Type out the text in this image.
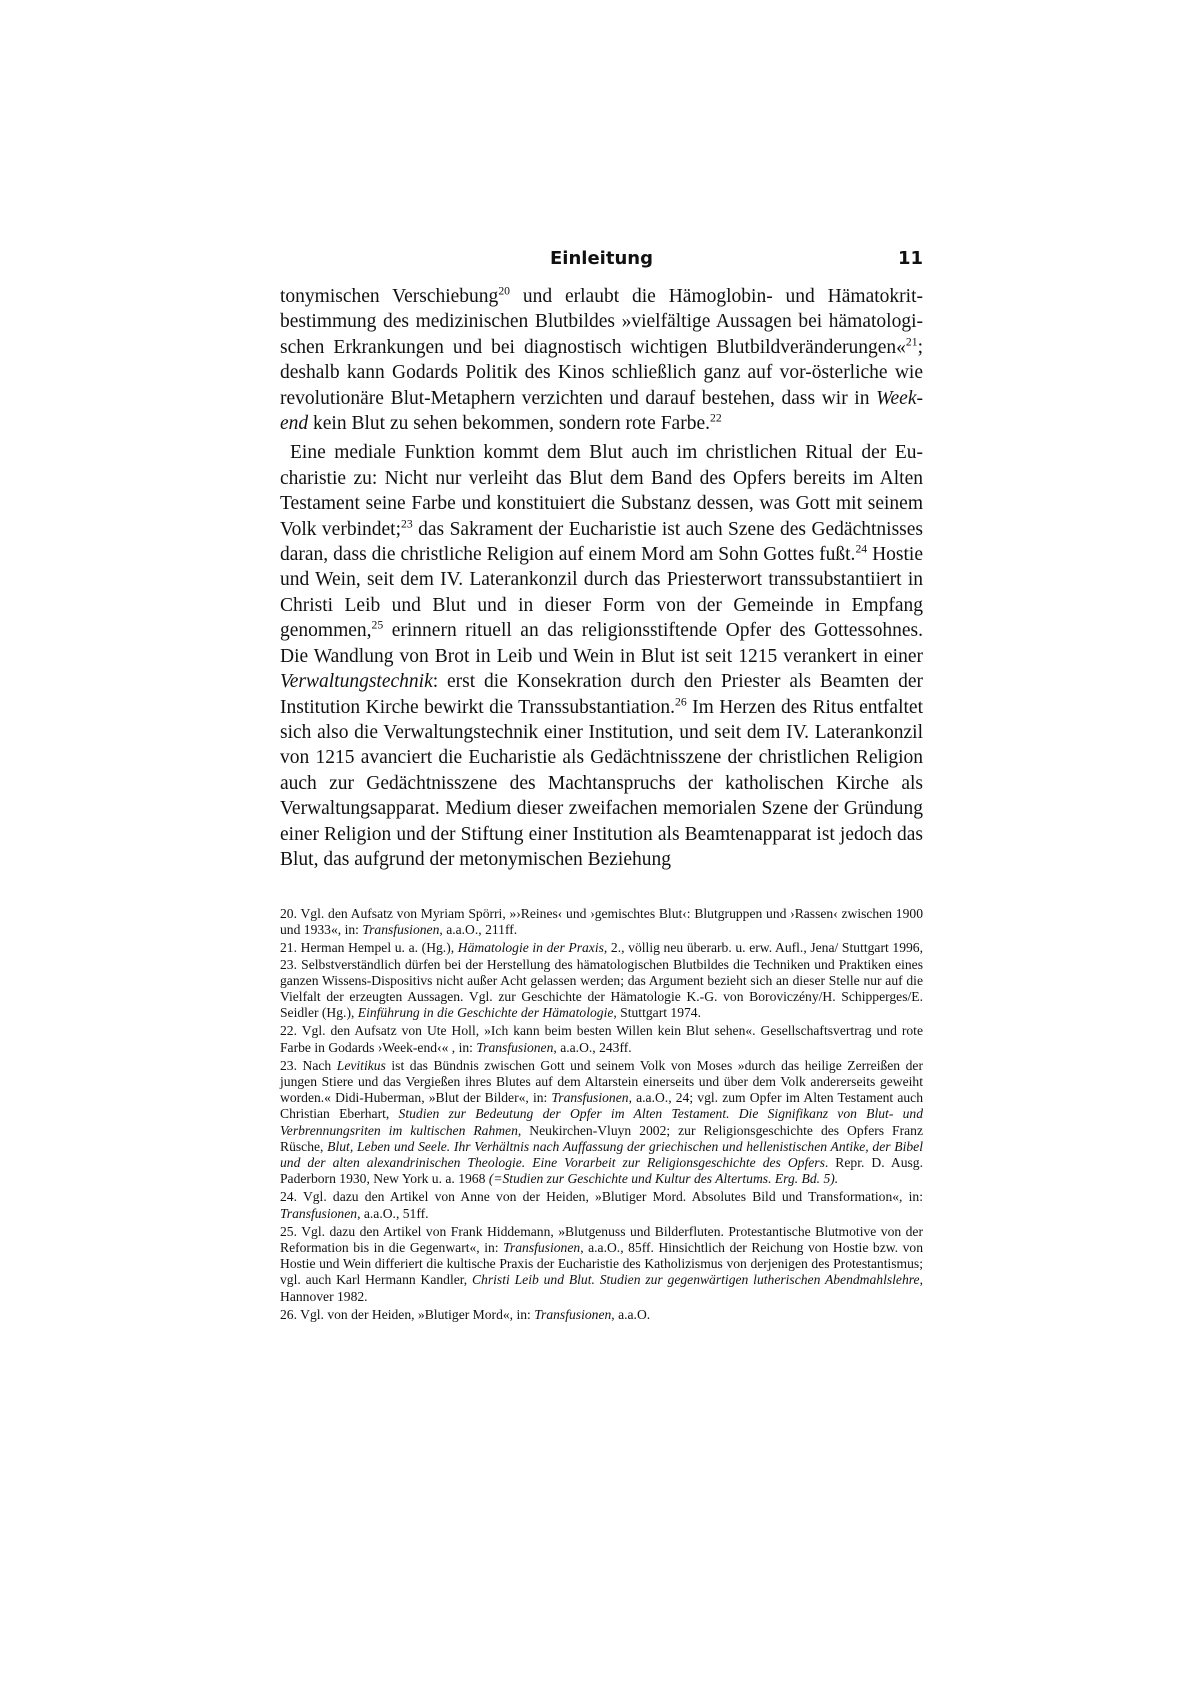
Einleitung	11

tonymischen Verschiebung$^{20}$ und erlaubt die Hämoglobin- und Hämatokritbestimmung des medizinischen Blutbildes »vielfältige Aussagen bei hämatologischen Erkrankungen und bei diagnostisch wichtigen Blutbildveränderungen«$^{21}$; deshalb kann Godards Politik des Kinos schließlich ganz auf vor-österliche wie revolutionäre Blut-Metaphern verzichten und darauf bestehen, dass wir in Week-end kein Blut zu sehen bekommen, sondern rote Farbe.$^{22}$

Eine mediale Funktion kommt dem Blut auch im christlichen Ritual der Eucharistie zu: Nicht nur verleiht das Blut dem Band des Opfers bereits im Alten Testament seine Farbe und konstituiert die Substanz dessen, was Gott mit seinem Volk verbindet;$^{23}$ das Sakrament der Eucharistie ist auch Szene des Gedächtnisses daran, dass die christliche Religion auf einem Mord am Sohn Gottes fußt.$^{24}$ Hostie und Wein, seit dem IV. Laterankonzil durch das Priesterwort transsubstantiiert in Christi Leib und Blut und in dieser Form von der Gemeinde in Empfang genommen,$^{25}$ erinnern rituell an das religionsstiftende Opfer des Gottessohnes. Die Wandlung von Brot in Leib und Wein in Blut ist seit 1215 verankert in einer Verwaltungstechnik: erst die Konsekration durch den Priester als Beamten der Institution Kirche bewirkt die Transsubstantiation.$^{26}$ Im Herzen des Ritus entfaltet sich also die Verwaltungstechnik einer Institution, und seit dem IV. Laterankonzil von 1215 avanciert die Eucharistie als Gedächtnisszene der christlichen Religion auch zur Gedächtnisszene des Machtanspruchs der katholischen Kirche als Verwaltungsapparat. Medium dieser zweifachen memorialen Szene der Gründung einer Religion und der Stiftung einer Institution als Beamtenapparat ist jedoch das Blut, das aufgrund der metonymischen Beziehung

20. Vgl. den Aufsatz von Myriam Spörri, »›Reines‹ und ›gemischtes Blut‹: Blutgruppen und ›Rassen‹ zwischen 1900 und 1933«, in: Transfusionen, a.a.O., 211ff.
21. Herman Hempel u. a. (Hg.), Hämatologie in der Praxis, 2., völlig neu überarb. u. erw. Aufl., Jena/ Stuttgart 1996, 23. Selbstverständlich dürfen bei der Herstellung des hämatologischen Blutbildes die Techniken und Praktiken eines ganzen Wissens-Dispositivs nicht außer Acht gelassen werden; das Argument bezieht sich an dieser Stelle nur auf die Vielfalt der erzeugten Aussagen. Vgl. zur Geschichte der Hämatologie K.-G. von Boroviczény/H. Schipperges/E. Seidler (Hg.), Einführung in die Geschichte der Hämatologie, Stuttgart 1974.
22. Vgl. den Aufsatz von Ute Holl, »Ich kann beim besten Willen kein Blut sehen«. Gesellschaftsvertrag und rote Farbe in Godards ›Week-end‹« , in: Transfusionen, a.a.O., 243ff.
23. Nach Levitikus ist das Bündnis zwischen Gott und seinem Volk von Moses »durch das heilige Zerreißen der jungen Stiere und das Vergießen ihres Blutes auf dem Altarstein einerseits und über dem Volk andererseits geweiht worden.« Didi-Huberman, »Blut der Bilder«, in: Transfusionen, a.a.O., 24; vgl. zum Opfer im Alten Testament auch Christian Eberhart, Studien zur Bedeutung der Opfer im Alten Testament. Die Signifikanz von Blut- und Verbrennungsriten im kultischen Rahmen, Neukirchen-Vluyn 2002; zur Religionsgeschichte des Opfers Franz Rüsche, Blut, Leben und Seele. Ihr Verhältnis nach Auffassung der griechischen und hellenistischen Antike, der Bibel und der alten alexandrinischen Theologie. Eine Vorarbeit zur Religionsgeschichte des Opfers. Repr. D. Ausg. Paderborn 1930, New York u. a. 1968 (=Studien zur Geschichte und Kultur des Altertums. Erg. Bd. 5).
24. Vgl. dazu den Artikel von Anne von der Heiden, »Blutiger Mord. Absolutes Bild und Transformation«, in: Transfusionen, a.a.O., 51ff.
25. Vgl. dazu den Artikel von Frank Hiddemann, »Blutgenuss und Bilderfluten. Protestantische Blutmotive von der Reformation bis in die Gegenwart«, in: Transfusionen, a.a.O., 85ff. Hinsichtlich der Reichung von Hostie bzw. von Hostie und Wein differiert die kultische Praxis der Eucharistie des Katholizismus von derjenigen des Protestantismus; vgl. auch Karl Hermann Kandler, Christi Leib und Blut. Studien zur gegenwärtigen lutherischen Abendmahlslehre, Hannover 1982.
26. Vgl. von der Heiden, »Blutiger Mord«, in: Transfusionen, a.a.O.
